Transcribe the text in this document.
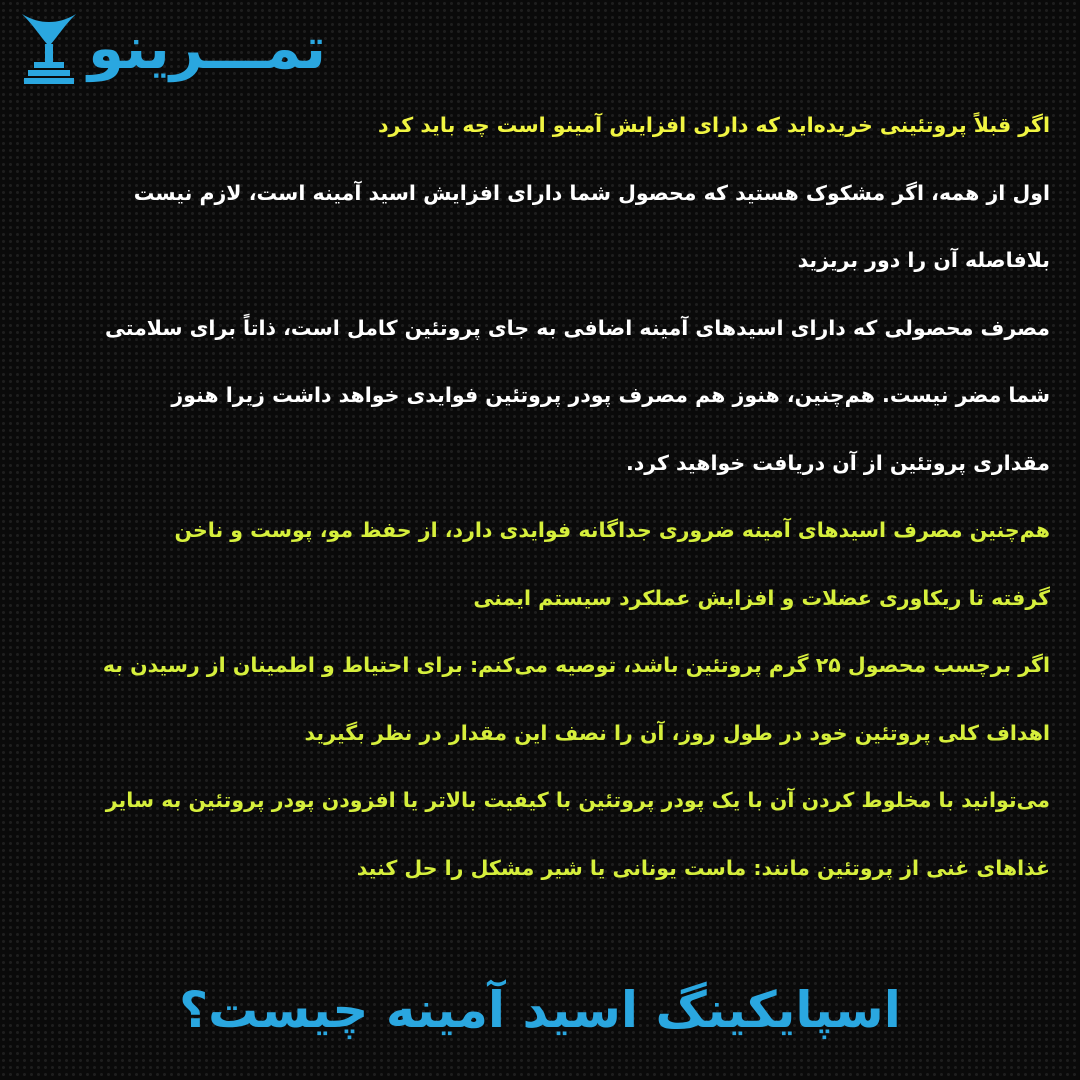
تمـــرینو
اگر قبلاً پروتئینی خریده‌اید که دارای افزایش آمینو است چه باید کرد
اول از همه، اگر مشکوک هستید که محصول شما دارای افزایش اسید آمینه است، لازم نیست
بلافاصله آن را دور بریزید
مصرف محصولی که دارای اسیدهای آمینه اضافی به جای پروتئین کامل است، ذاتاً برای سلامتی
شما مضر نیست. هم‌چنین، هنوز هم مصرف پودر پروتئین فوایدی خواهد داشت زیرا هنوز
مقداری پروتئین از آن دریافت خواهید کرد.
هم‌چنین مصرف اسیدهای آمینه ضروری جداگانه فوایدی دارد، از حفظ مو، پوست و ناخن
گرفته تا ریکاوری عضلات و افزایش عملکرد سیستم ایمنی
اگر برچسب محصول ۲۵ گرم پروتئین باشد، توصیه می‌کنم: برای احتیاط و اطمینان از رسیدن به
اهداف کلی پروتئین خود در طول روز، آن را نصف این مقدار در نظر بگیرید
می‌توانید با مخلوط کردن آن با یک پودر پروتئین با کیفیت بالاتر یا افزودن پودر پروتئین به سایر
غذاهای غنی از پروتئین مانند: ماست یونانی یا شیر مشکل را حل کنید
اسپایکینگ اسید آمینه چیست؟
